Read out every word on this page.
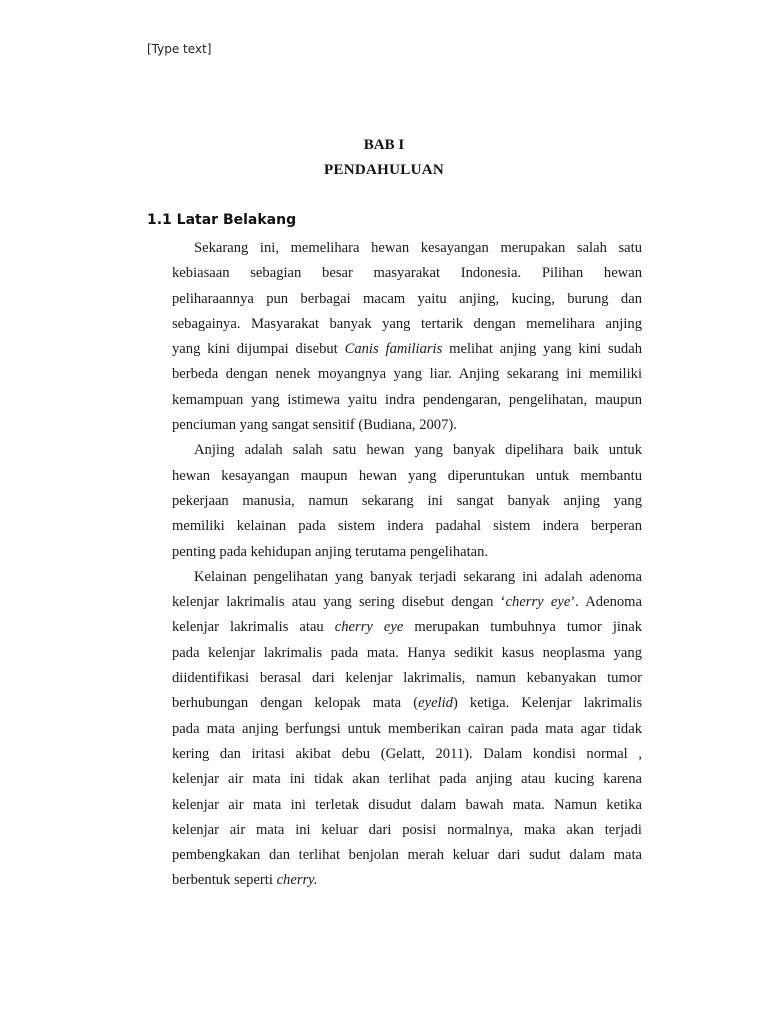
[Type text]
BAB I
PENDAHULUAN
1.1 Latar Belakang
Sekarang ini, memelihara hewan kesayangan merupakan salah satu
kebiasaan sebagian besar masyarakat Indonesia. Pilihan hewan
peliharaannya pun berbagai macam yaitu anjing, kucing, burung dan
sebagainya. Masyarakat banyak yang tertarik dengan memelihara anjing
yang kini dijumpai disebut Canis familiaris melihat anjing yang kini sudah
berbeda dengan nenek moyangnya yang liar. Anjing sekarang ini memiliki
kemampuan yang istimewa yaitu indra pendengaran, pengelihatan, maupun
penciuman yang sangat sensitif (Budiana, 2007).
Anjing adalah salah satu hewan yang banyak dipelihara baik untuk
hewan kesayangan maupun hewan yang diperuntukan untuk membantu
pekerjaan manusia, namun sekarang ini sangat banyak anjing yang
memiliki kelainan pada sistem indera padahal sistem indera berperan
penting pada kehidupan anjing terutama pengelihatan.
Kelainan pengelihatan yang banyak terjadi sekarang ini adalah adenoma
kelenjar lakrimalis atau yang sering disebut dengan ‘cherry eye’. Adenoma
kelenjar lakrimalis atau cherry eye merupakan tumbuhnya tumor jinak
pada kelenjar lakrimalis pada mata. Hanya sedikit kasus neoplasma yang
diidentifikasi berasal dari kelenjar lakrimalis, namun kebanyakan tumor
berhubungan dengan kelopak mata (eyelid) ketiga. Kelenjar lakrimalis
pada mata anjing berfungsi untuk memberikan cairan pada mata agar tidak
kering dan iritasi akibat debu (Gelatt, 2011). Dalam kondisi normal ,
kelenjar air mata ini tidak akan terlihat pada anjing atau kucing karena
kelenjar air mata ini terletak disudut dalam bawah mata. Namun ketika
kelenjar air mata ini keluar dari posisi normalnya, maka akan terjadi
pembengkakan dan terlihat benjolan merah keluar dari sudut dalam mata
berbentuk seperti cherry.
